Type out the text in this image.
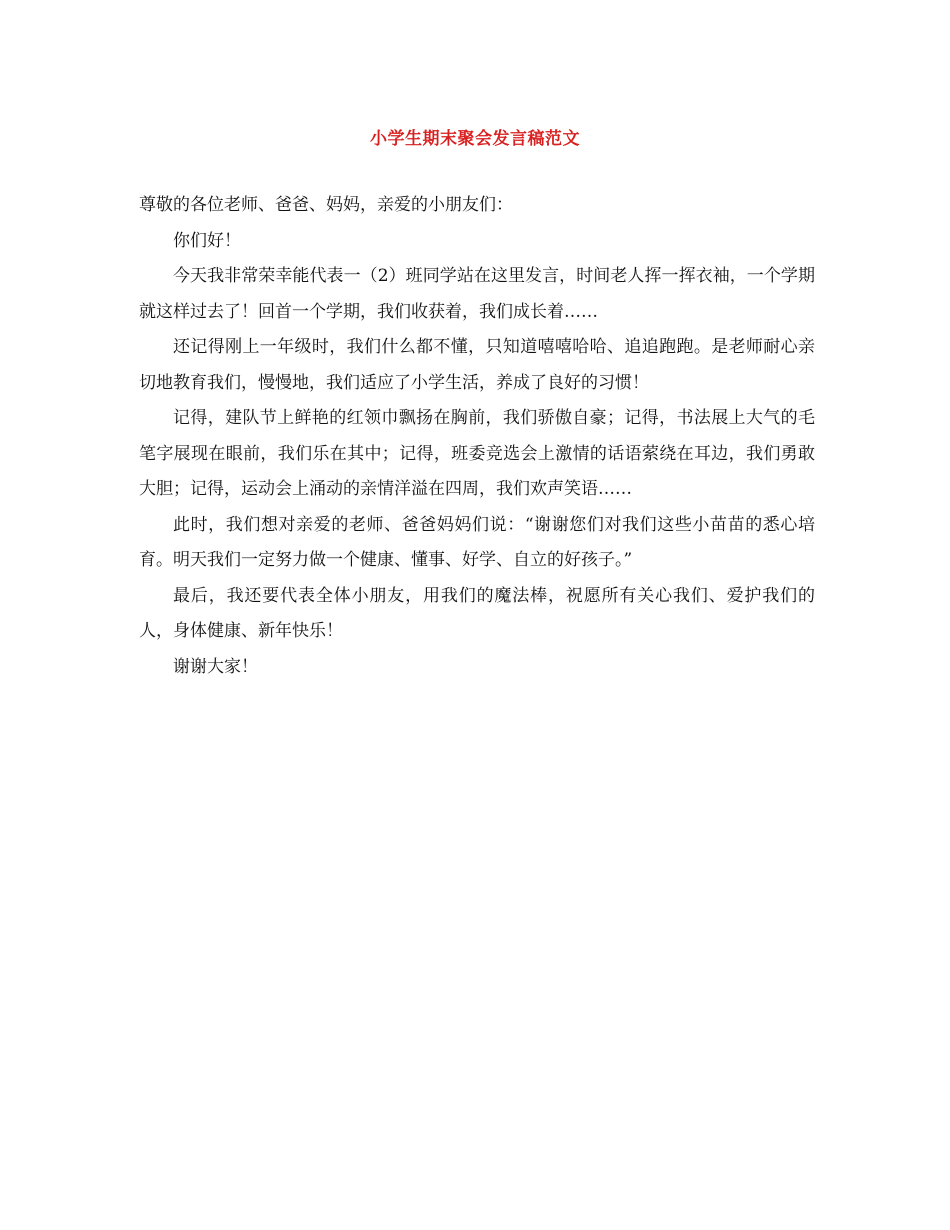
小学生期末聚会发言稿范文

尊敬的各位老师、爸爸、妈妈，亲爱的小朋友们：

你们好！

今天我非常荣幸能代表一（2）班同学站在这里发言，时间老人挥一挥衣袖，一个学期就这样过去了！回首一个学期，我们收获着，我们成长着……

还记得刚上一年级时，我们什么都不懂，只知道嘻嘻哈哈、追追跑跑。是老师耐心亲切地教育我们，慢慢地，我们适应了小学生活，养成了良好的习惯！

记得，建队节上鲜艳的红领巾飘扬在胸前，我们骄傲自豪；记得，书法展上大气的毛笔字展现在眼前，我们乐在其中；记得，班委竞选会上激情的话语萦绕在耳边，我们勇敢大胆；记得，运动会上涌动的亲情洋溢在四周，我们欢声笑语……

此时，我们想对亲爱的老师、爸爸妈妈们说：“谢谢您们对我们这些小苗苗的悉心培育。明天我们一定努力做一个健康、懂事、好学、自立的好孩子。”

最后，我还要代表全体小朋友，用我们的魔法棒，祝愿所有关心我们、爱护我们的人，身体健康、新年快乐！

谢谢大家！
